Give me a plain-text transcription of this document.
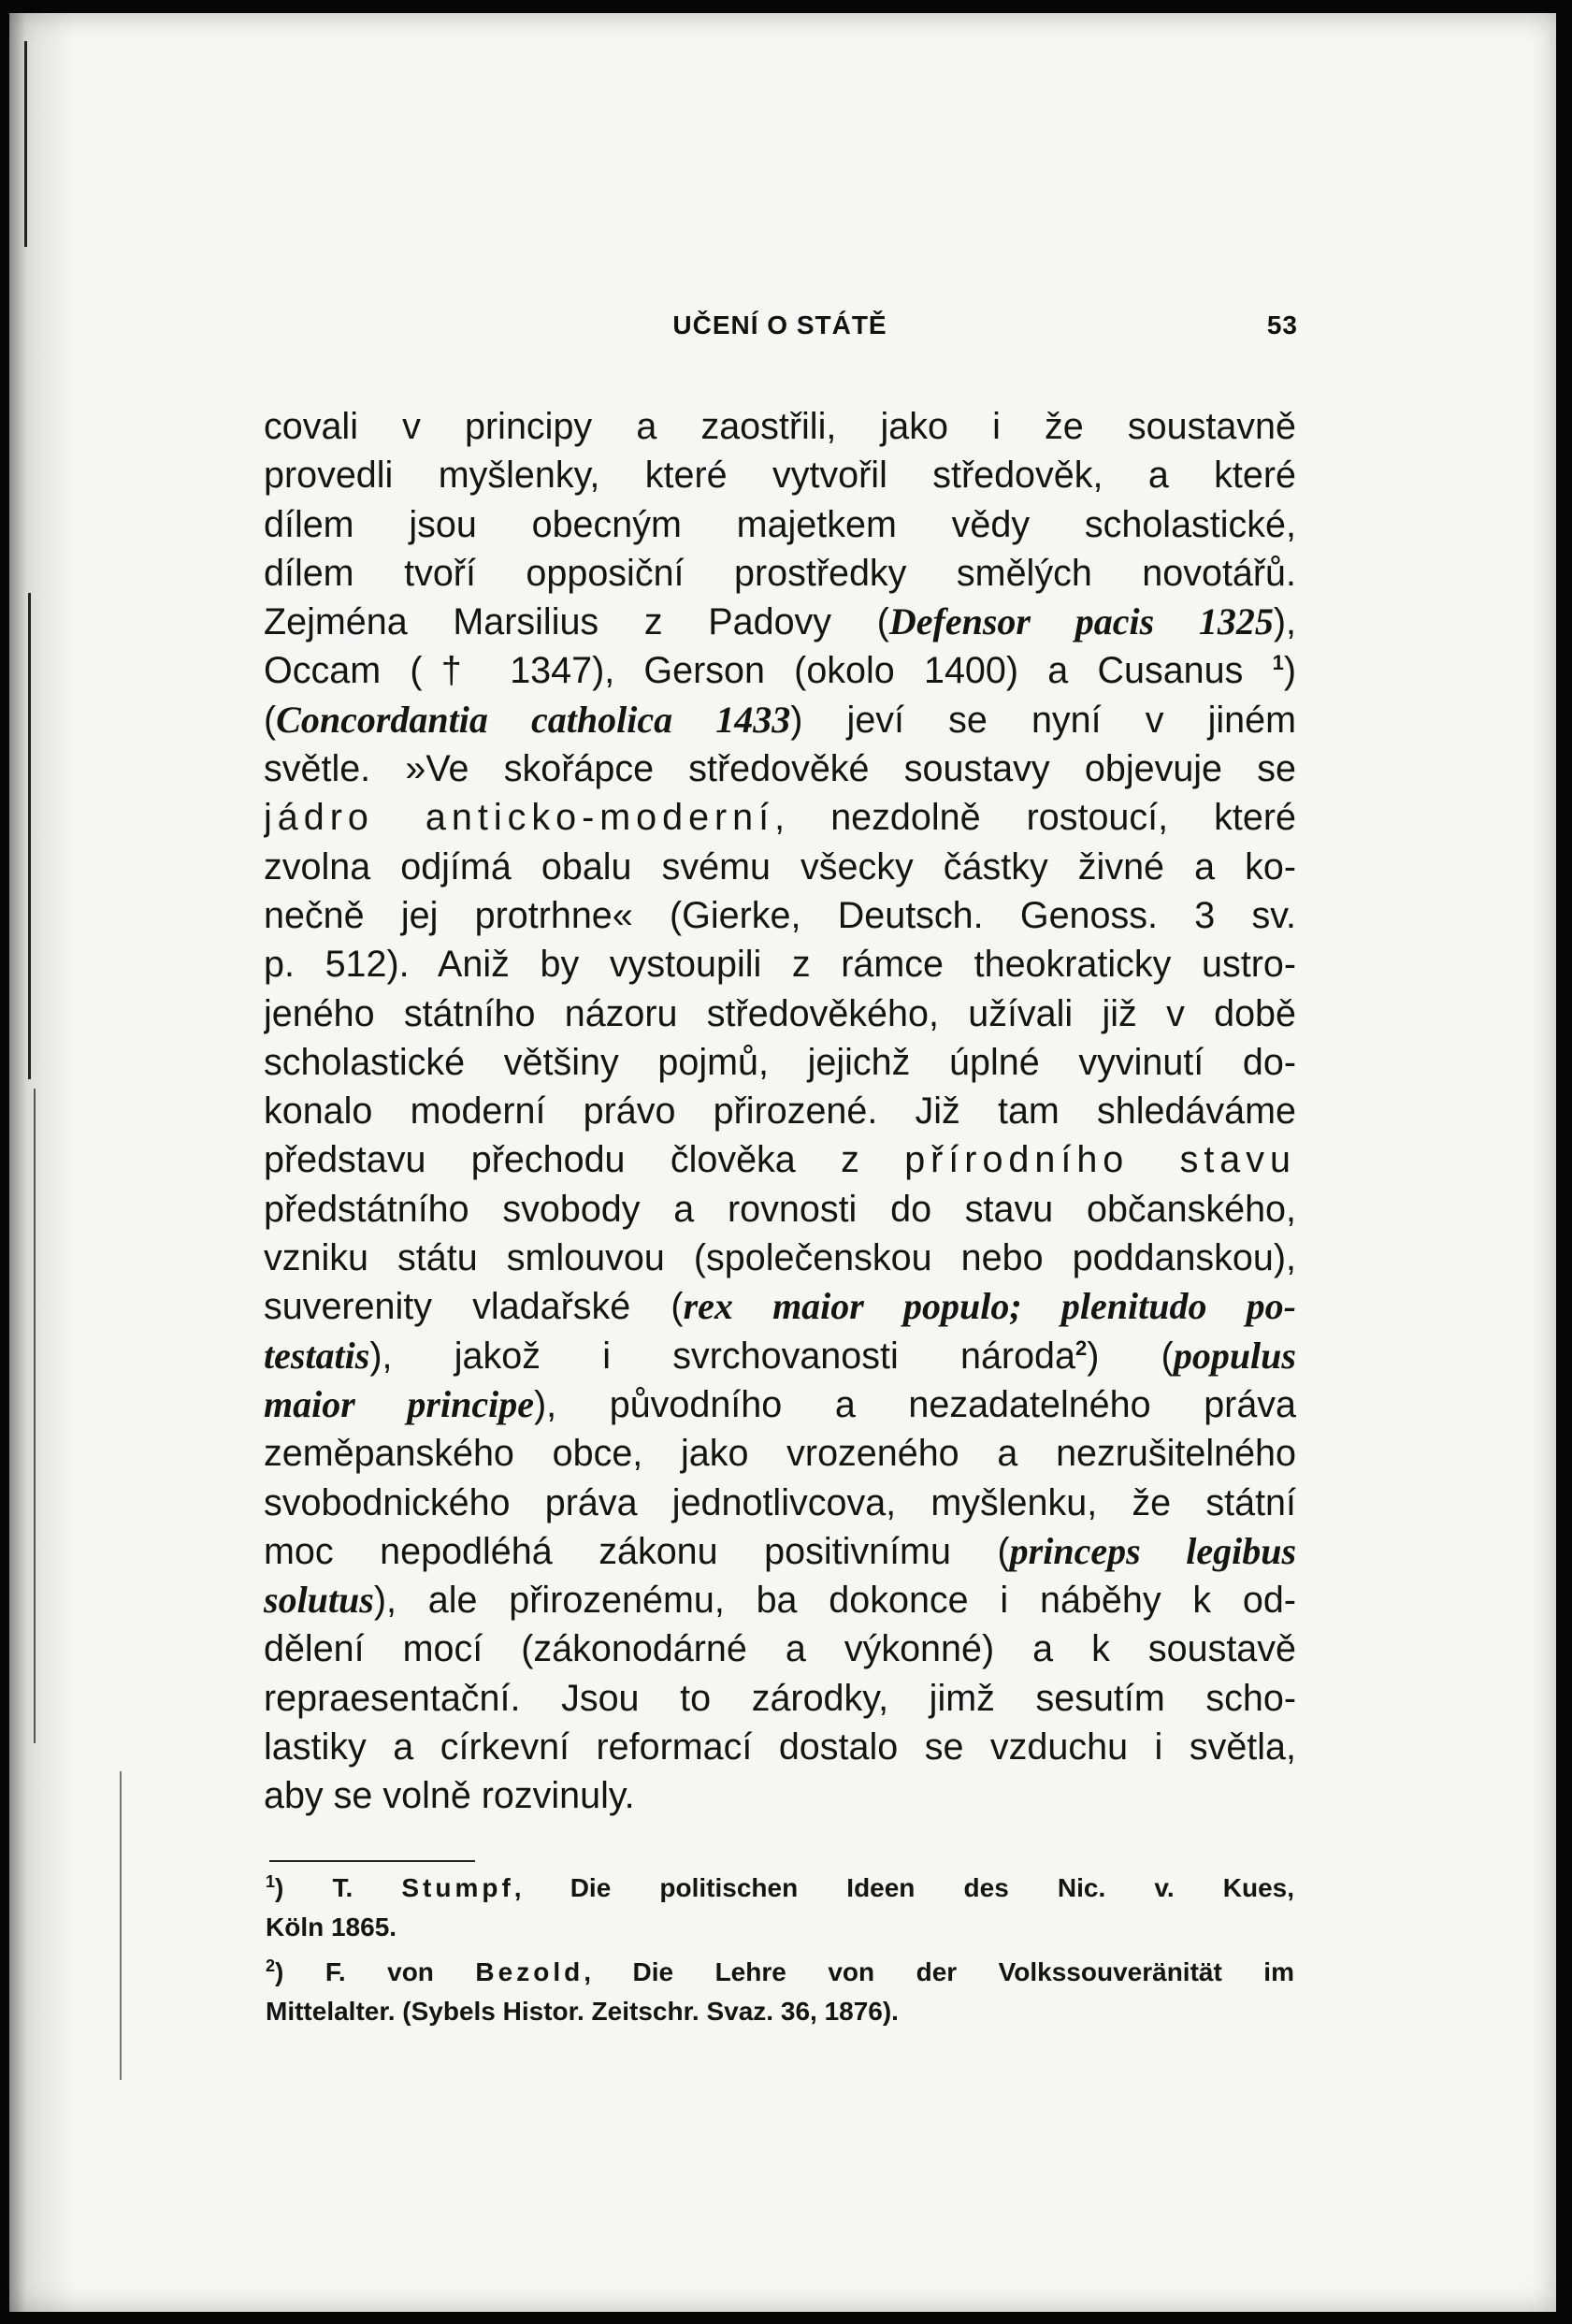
UČENÍ O STÁTĚ	53
covali v principy a zaostřili, jako i že soustavně
provedli myšlenky, které vytvořil středověk, a které
dílem jsou obecným majetkem vědy scholastické,
dílem tvoří opposiční prostředky smělých novotářů.
Zejména Marsilius z Padovy (Defensor pacis 1325),
Occam († 1347), Gerson (okolo 1400) a Cusanus $^1$)
(Concordantia catholica 1433) jeví se nyní v jiném
světle. »Ve skořápce středověké soustavy objevuje se
jádro anticko-moderní, nezdolně rostoucí, které
zvolna odjímá obalu svému všecky částky živné a ko-
nečně jej protrhne« (Gierke, Deutsch. Genoss. 3 sv.
p. 512). Aniž by vystoupili z rámce theokraticky ustro-
jeného státního názoru středověkého, užívali již v době
scholastické většiny pojmů, jejichž úplné vyvinutí do-
konalo moderní právo přirozené. Již tam shledáváme
představu přechodu člověka z přírodního stavu
předstátního svobody a rovnosti do stavu občanského,
vzniku státu smlouvou (společenskou nebo poddanskou),
suverenity vladařské (rex maior populo; plenitudo po-
testatis), jakož i svrchovanosti národa$^2$) (populus
maior principe), původního a nezadatelného práva
zeměpanského obce, jako vrozeného a nezrušitelného
svobodnického práva jednotlivcova, myšlenku, že státní
moc nepodléhá zákonu positivnímu (princeps legibus
solutus), ale přirozenému, ba dokonce i náběhy k od-
dělení mocí (zákonodárné a výkonné) a k soustavě
repraesentační. Jsou to zárodky, jimž sesutím scho-
lastiky a církevní reformací dostalo se vzduchu i světla,
aby se volně rozvinuly.
$^1$) T. Stumpf, Die politischen Ideen des Nic. v. Kues,
Köln 1865.
$^2$) F. von Bezold, Die Lehre von der Volkssouveränität im
Mittelalter. (Sybels Histor. Zeitschr. Svaz. 36, 1876).
